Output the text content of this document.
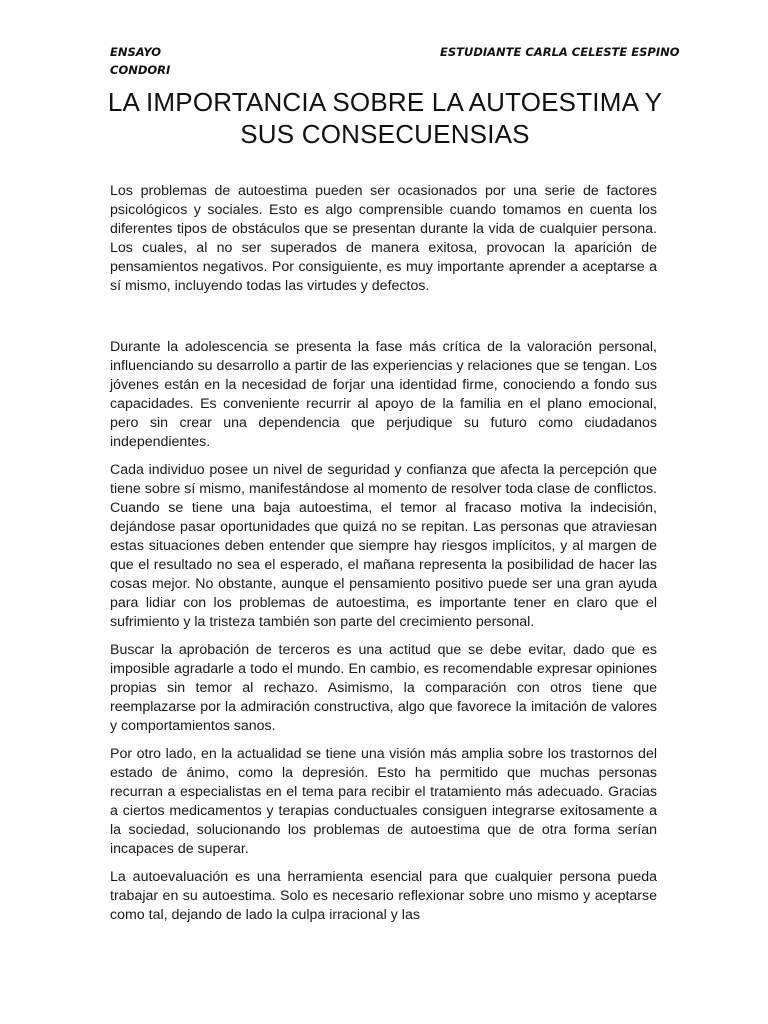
ENSAYO CONDORI
ESTUDIANTE CARLA CELESTE ESPINO
LA IMPORTANCIA SOBRE LA AUTOESTIMA Y SUS CONSECUENSIAS

Los problemas de autoestima pueden ser ocasionados por una serie de factores psicológicos y sociales. Esto es algo comprensible cuando tomamos en cuenta los diferentes tipos de obstáculos que se presentan durante la vida de cualquier persona. Los cuales, al no ser superados de manera exitosa, provocan la aparición de pensamientos negativos. Por consiguiente, es muy importante aprender a aceptarse a sí mismo, incluyendo todas las virtudes y defectos.

Durante la adolescencia se presenta la fase más crítica de la valoración personal, influenciando su desarrollo a partir de las experiencias y relaciones que se tengan. Los jóvenes están en la necesidad de forjar una identidad firme, conociendo a fondo sus capacidades. Es conveniente recurrir al apoyo de la familia en el plano emocional, pero sin crear una dependencia que perjudique su futuro como ciudadanos independientes.

Cada individuo posee un nivel de seguridad y confianza que afecta la percepción que tiene sobre sí mismo, manifestándose al momento de resolver toda clase de conflictos. Cuando se tiene una baja autoestima, el temor al fracaso motiva la indecisión, dejándose pasar oportunidades que quizá no se repitan. Las personas que atraviesan estas situaciones deben entender que siempre hay riesgos implícitos, y al margen de que el resultado no sea el esperado, el mañana representa la posibilidad de hacer las cosas mejor. No obstante, aunque el pensamiento positivo puede ser una gran ayuda para lidiar con los problemas de autoestima, es importante tener en claro que el sufrimiento y la tristeza también son parte del crecimiento personal.

Buscar la aprobación de terceros es una actitud que se debe evitar, dado que es imposible agradarle a todo el mundo. En cambio, es recomendable expresar opiniones propias sin temor al rechazo. Asimismo, la comparación con otros tiene que reemplazarse por la admiración constructiva, algo que favorece la imitación de valores y comportamientos sanos.

Por otro lado, en la actualidad se tiene una visión más amplia sobre los trastornos del estado de ánimo, como la depresión. Esto ha permitido que muchas personas recurran a especialistas en el tema para recibir el tratamiento más adecuado. Gracias a ciertos medicamentos y terapias conductuales consiguen integrarse exitosamente a la sociedad, solucionando los problemas de autoestima que de otra forma serían incapaces de superar.

La autoevaluación es una herramienta esencial para que cualquier persona pueda trabajar en su autoestima. Solo es necesario reflexionar sobre uno mismo y aceptarse como tal, dejando de lado la culpa irracional y las
